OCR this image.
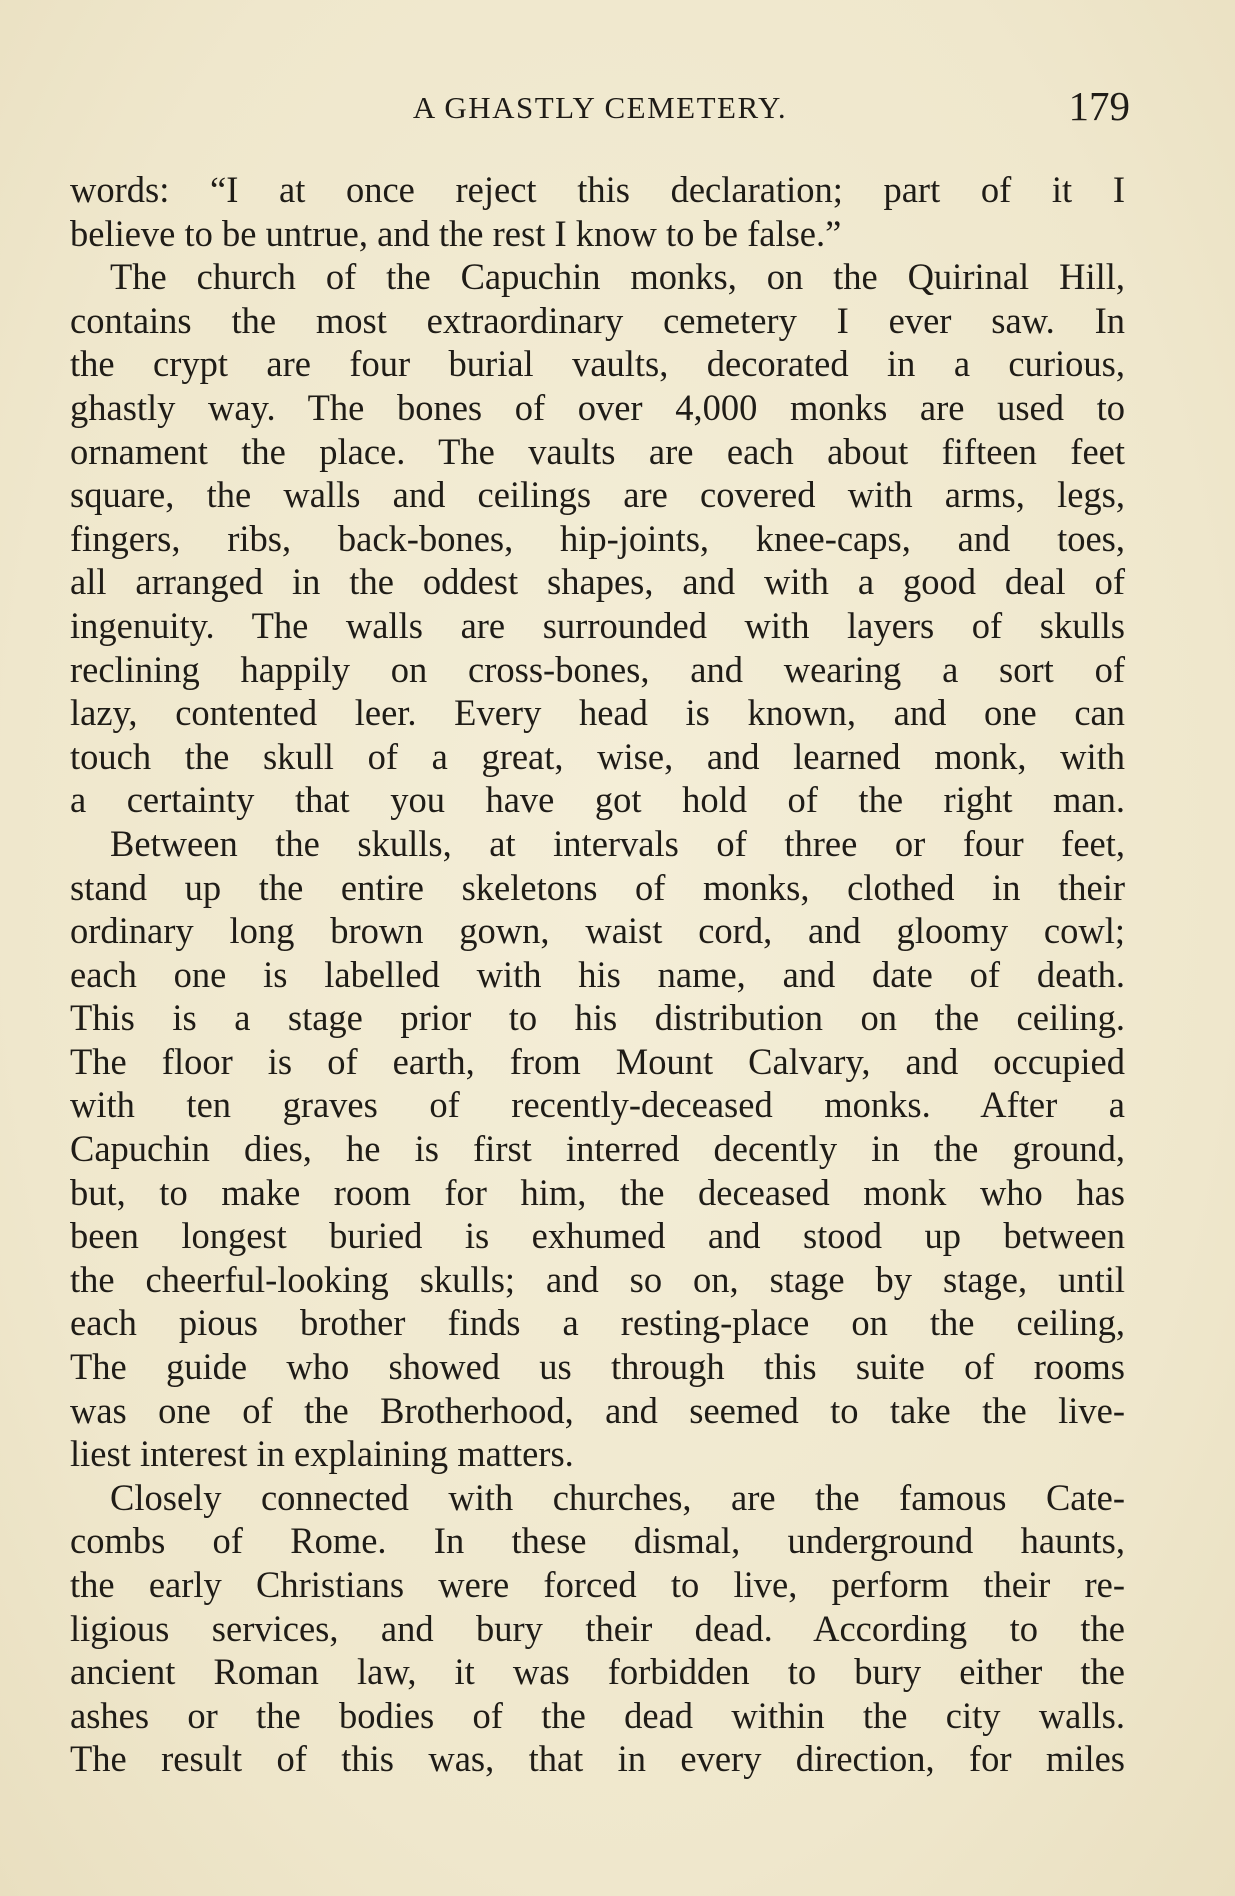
A GHASTLY CEMETERY.	179
words: “I at once reject this declaration; part of it I
believe to be untrue, and the rest I know to be false.”
The church of the Capuchin monks, on the Quirinal Hill,
contains the most extraordinary cemetery I ever saw. In
the crypt are four burial vaults, decorated in a curious,
ghastly way. The bones of over 4,000 monks are used to
ornament the place. The vaults are each about fifteen feet
square, the walls and ceilings are covered with arms, legs,
fingers, ribs, back-bones, hip-joints, knee-caps, and toes,
all arranged in the oddest shapes, and with a good deal of
ingenuity. The walls are surrounded with layers of skulls
reclining happily on cross-bones, and wearing a sort of
lazy, contented leer. Every head is known, and one can
touch the skull of a great, wise, and learned monk, with
a certainty that you have got hold of the right man.
Between the skulls, at intervals of three or four feet,
stand up the entire skeletons of monks, clothed in their
ordinary long brown gown, waist cord, and gloomy cowl;
each one is labelled with his name, and date of death.
This is a stage prior to his distribution on the ceiling.
The floor is of earth, from Mount Calvary, and occupied
with ten graves of recently-deceased monks. After a
Capuchin dies, he is first interred decently in the ground,
but, to make room for him, the deceased monk who has
been longest buried is exhumed and stood up between
the cheerful-looking skulls; and so on, stage by stage, until
each pious brother finds a resting-place on the ceiling,
The guide who showed us through this suite of rooms
was one of the Brotherhood, and seemed to take the live-
liest interest in explaining matters.
Closely connected with churches, are the famous Cate-
combs of Rome. In these dismal, underground haunts,
the early Christians were forced to live, perform their re-
ligious services, and bury their dead. According to the
ancient Roman law, it was forbidden to bury either the
ashes or the bodies of the dead within the city walls.
The result of this was, that in every direction, for miles
